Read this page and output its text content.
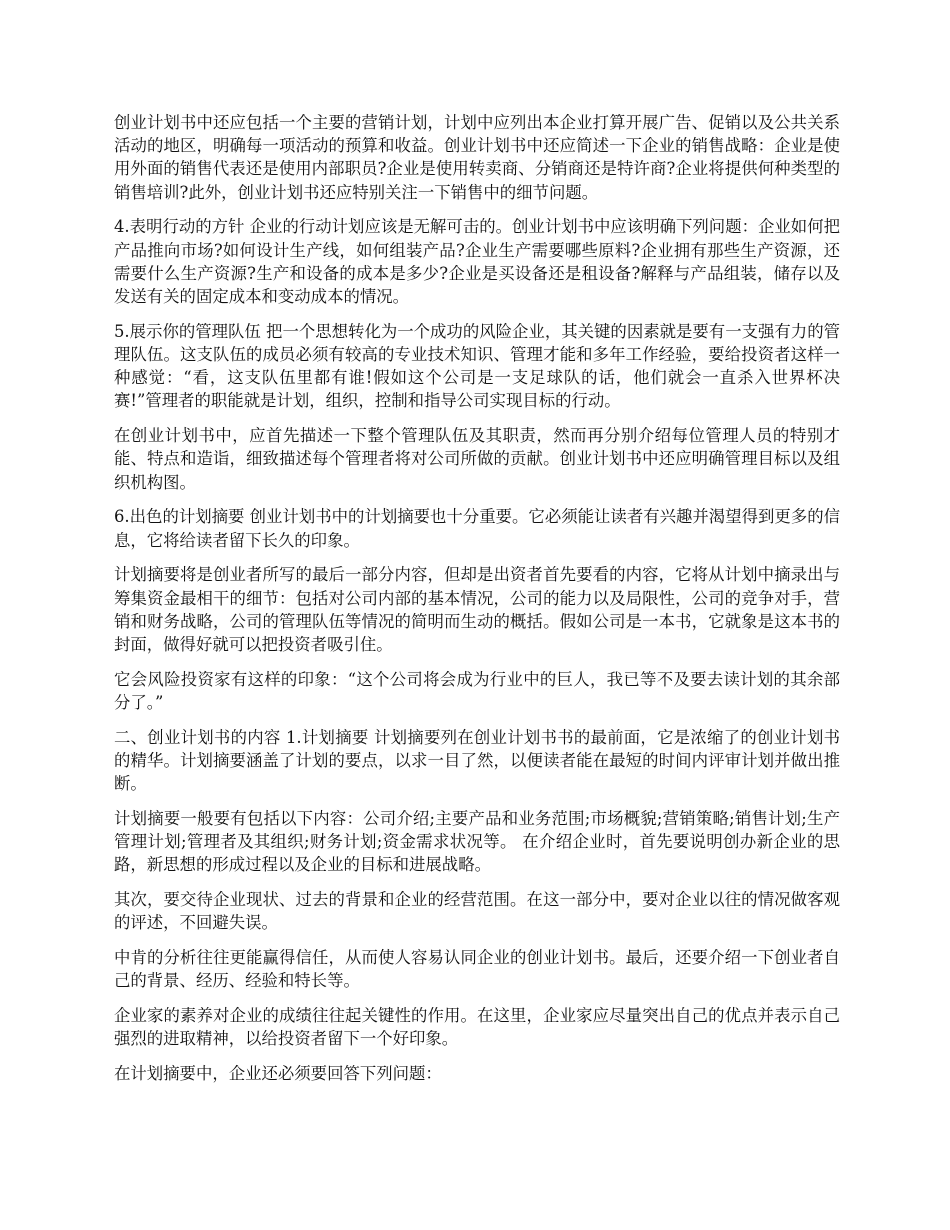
创业计划书中还应包括一个主要的营销计划，计划中应列出本企业打算开展广告、促销以及公共关系活动的地区，明确每一项活动的预算和收益。创业计划书中还应简述一下企业的销售战略：企业是使用外面的销售代表还是使用内部职员?企业是使用转卖商、分销商还是特许商?企业将提供何种类型的销售培训?此外，创业计划书还应特别关注一下销售中的细节问题。

4.表明行动的方针 企业的行动计划应该是无解可击的。创业计划书中应该明确下列问题：企业如何把产品推向市场?如何设计生产线，如何组装产品?企业生产需要哪些原料?企业拥有那些生产资源，还需要什么生产资源?生产和设备的成本是多少?企业是买设备还是租设备?解释与产品组装，储存以及发送有关的固定成本和变动成本的情况。

5.展示你的管理队伍 把一个思想转化为一个成功的风险企业，其关键的因素就是要有一支强有力的管理队伍。这支队伍的成员必须有较高的专业技术知识、管理才能和多年工作经验，要给投资者这样一种感觉：“看，这支队伍里都有谁!假如这个公司是一支足球队的话，他们就会一直杀入世界杯决赛!”管理者的职能就是计划，组织，控制和指导公司实现目标的行动。

在创业计划书中，应首先描述一下整个管理队伍及其职责，然而再分别介绍每位管理人员的特别才能、特点和造诣，细致描述每个管理者将对公司所做的贡献。创业计划书中还应明确管理目标以及组织机构图。

6.出色的计划摘要 创业计划书中的计划摘要也十分重要。它必须能让读者有兴趣并渴望得到更多的信息，它将给读者留下长久的印象。

计划摘要将是创业者所写的最后一部分内容，但却是出资者首先要看的内容，它将从计划中摘录出与筹集资金最相干的细节：包括对公司内部的基本情况，公司的能力以及局限性，公司的竞争对手，营销和财务战略，公司的管理队伍等情况的简明而生动的概括。假如公司是一本书，它就象是这本书的封面，做得好就可以把投资者吸引住。

它会风险投资家有这样的印象：“这个公司将会成为行业中的巨人，我已等不及要去读计划的其余部分了。”

二、创业计划书的内容 1.计划摘要 计划摘要列在创业计划书书的最前面，它是浓缩了的创业计划书的精华。计划摘要涵盖了计划的要点，以求一目了然，以便读者能在最短的时间内评审计划并做出推断。

计划摘要一般要有包括以下内容：公司介绍;主要产品和业务范围;市场概貌;营销策略;销售计划;生产管理计划;管理者及其组织;财务计划;资金需求状况等。 在介绍企业时，首先要说明创办新企业的思路，新思想的形成过程以及企业的目标和进展战略。

其次，要交待企业现状、过去的背景和企业的经营范围。在这一部分中，要对企业以往的情况做客观的评述，不回避失误。

中肯的分析往往更能赢得信任，从而使人容易认同企业的创业计划书。最后，还要介绍一下创业者自己的背景、经历、经验和特长等。

企业家的素养对企业的成绩往往起关键性的作用。在这里，企业家应尽量突出自己的优点并表示自己强烈的进取精神，以给投资者留下一个好印象。

在计划摘要中，企业还必须要回答下列问题：
